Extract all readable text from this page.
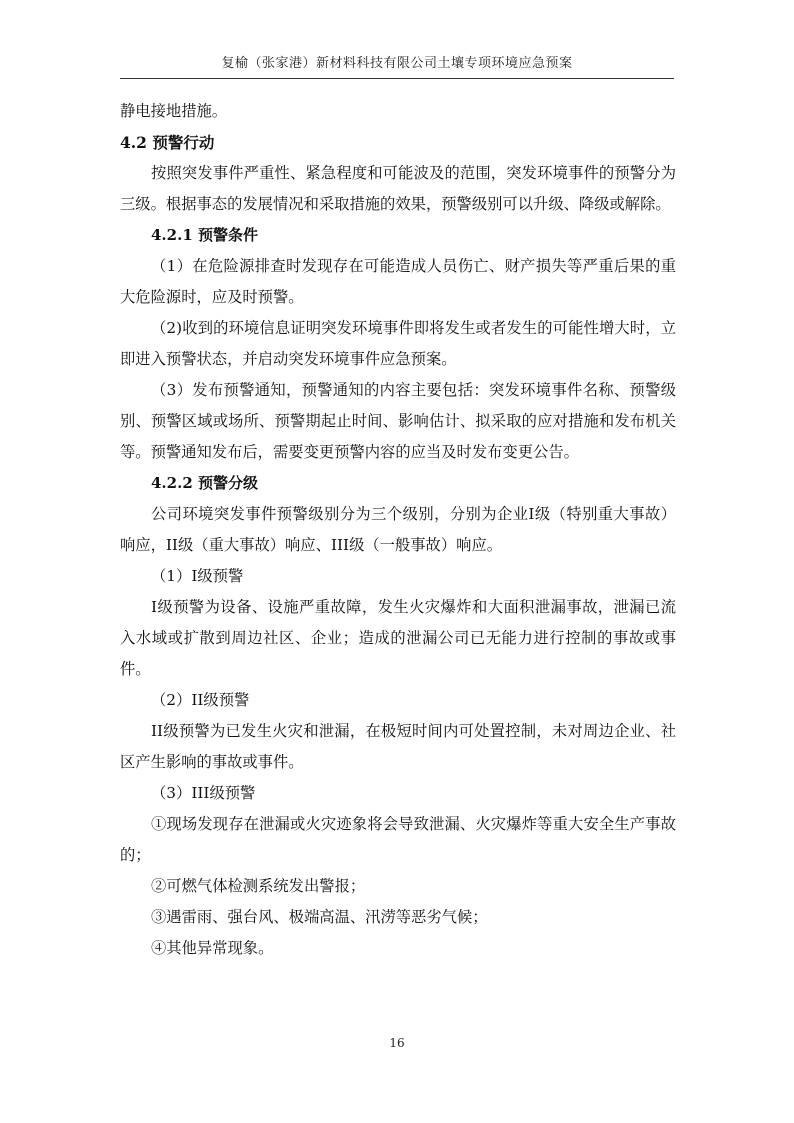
复榆（张家港）新材料科技有限公司土壤专项环境应急预案

静电接地措施。

4.2 预警行动

按照突发事件严重性、紧急程度和可能波及的范围，突发环境事件的预警分为三级。根据事态的发展情况和采取措施的效果，预警级别可以升级、降级或解除。

4.2.1 预警条件

（1）在危险源排查时发现存在可能造成人员伤亡、财产损失等严重后果的重大危险源时，应及时预警。

（2)收到的环境信息证明突发环境事件即将发生或者发生的可能性增大时，立即进入预警状态，并启动突发环境事件应急预案。

（3）发布预警通知，预警通知的内容主要包括：突发环境事件名称、预警级别、预警区域或场所、预警期起止时间、影响估计、拟采取的应对措施和发布机关等。预警通知发布后，需要变更预警内容的应当及时发布变更公告。

4.2.2 预警分级

公司环境突发事件预警级别分为三个级别，分别为企业I级（特别重大事故）响应，II级（重大事故）响应、III级（一般事故）响应。

（1）I级预警

I级预警为设备、设施严重故障，发生火灾爆炸和大面积泄漏事故，泄漏已流入水域或扩散到周边社区、企业；造成的泄漏公司已无能力进行控制的事故或事件。

（2）II级预警

II级预警为已发生火灾和泄漏，在极短时间内可处置控制，未对周边企业、社区产生影响的事故或事件。

（3）III级预警

①现场发现存在泄漏或火灾迹象将会导致泄漏、火灾爆炸等重大安全生产事故的；

②可燃气体检测系统发出警报；

③遇雷雨、强台风、极端高温、汛涝等恶劣气候；

④其他异常现象。

16
